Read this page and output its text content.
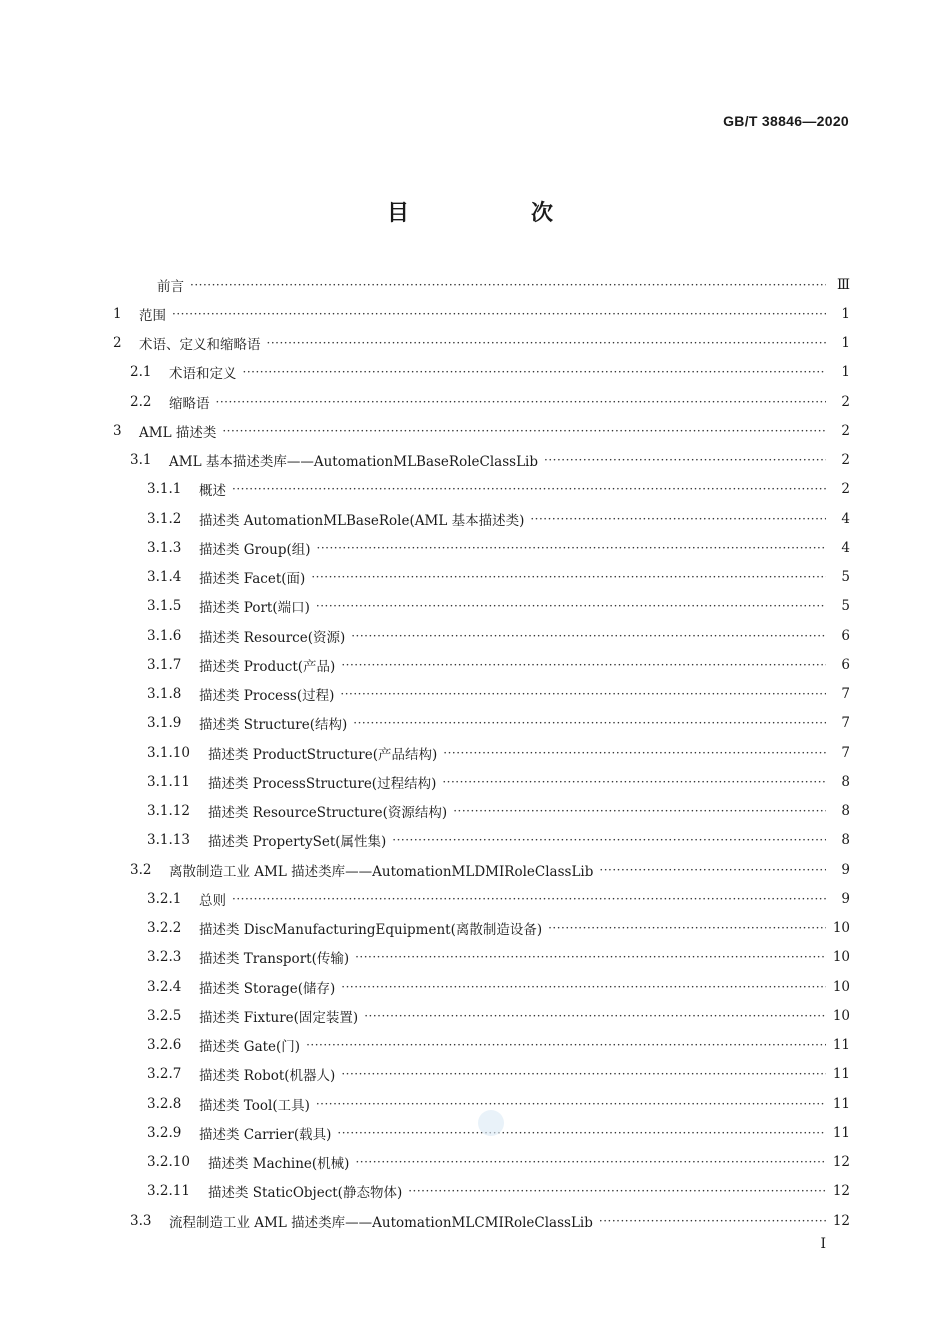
GB/T 38846—2020
目　次
前言 ·····	Ⅲ
1	范围 ·····	1
2	术语、定义和缩略语 ·····	1
2.1	术语和定义 ·····	1
2.2	缩略语 ·····	2
3	AML 描述类 ·····	2
3.1	AML 基本描述类库——AutomationMLBaseRoleClassLib ·····	2
3.1.1	概述 ·····	2
3.1.2	描述类 AutomationMLBaseRole(AML 基本描述类) ·····	4
3.1.3	描述类 Group(组) ·····	4
3.1.4	描述类 Facet(面) ·····	5
3.1.5	描述类 Port(端口) ·····	5
3.1.6	描述类 Resource(资源) ·····	6
3.1.7	描述类 Product(产品) ·····	6
3.1.8	描述类 Process(过程) ·····	7
3.1.9	描述类 Structure(结构) ·····	7
3.1.10	描述类 ProductStructure(产品结构) ·····	7
3.1.11	描述类 ProcessStructure(过程结构) ·····	8
3.1.12	描述类 ResourceStructure(资源结构) ·····	8
3.1.13	描述类 PropertySet(属性集) ·····	8
3.2	离散制造工业 AML 描述类库——AutomationMLDMIRoleClassLib ·····	9
3.2.1	总则 ·····	9
3.2.2	描述类 DiscManufacturingEquipment(离散制造设备) ·····	10
3.2.3	描述类 Transport(传输) ·····	10
3.2.4	描述类 Storage(储存) ·····	10
3.2.5	描述类 Fixture(固定装置) ·····	10
3.2.6	描述类 Gate(门) ·····	11
3.2.7	描述类 Robot(机器人) ·····	11
3.2.8	描述类 Tool(工具) ·····	11
3.2.9	描述类 Carrier(载具) ·····	11
3.2.10	描述类 Machine(机械) ·····	12
3.2.11	描述类 StaticObject(静态物体) ·····	12
3.3	流程制造工业 AML 描述类库——AutomationMLCMIRoleClassLib ·····	12
I
